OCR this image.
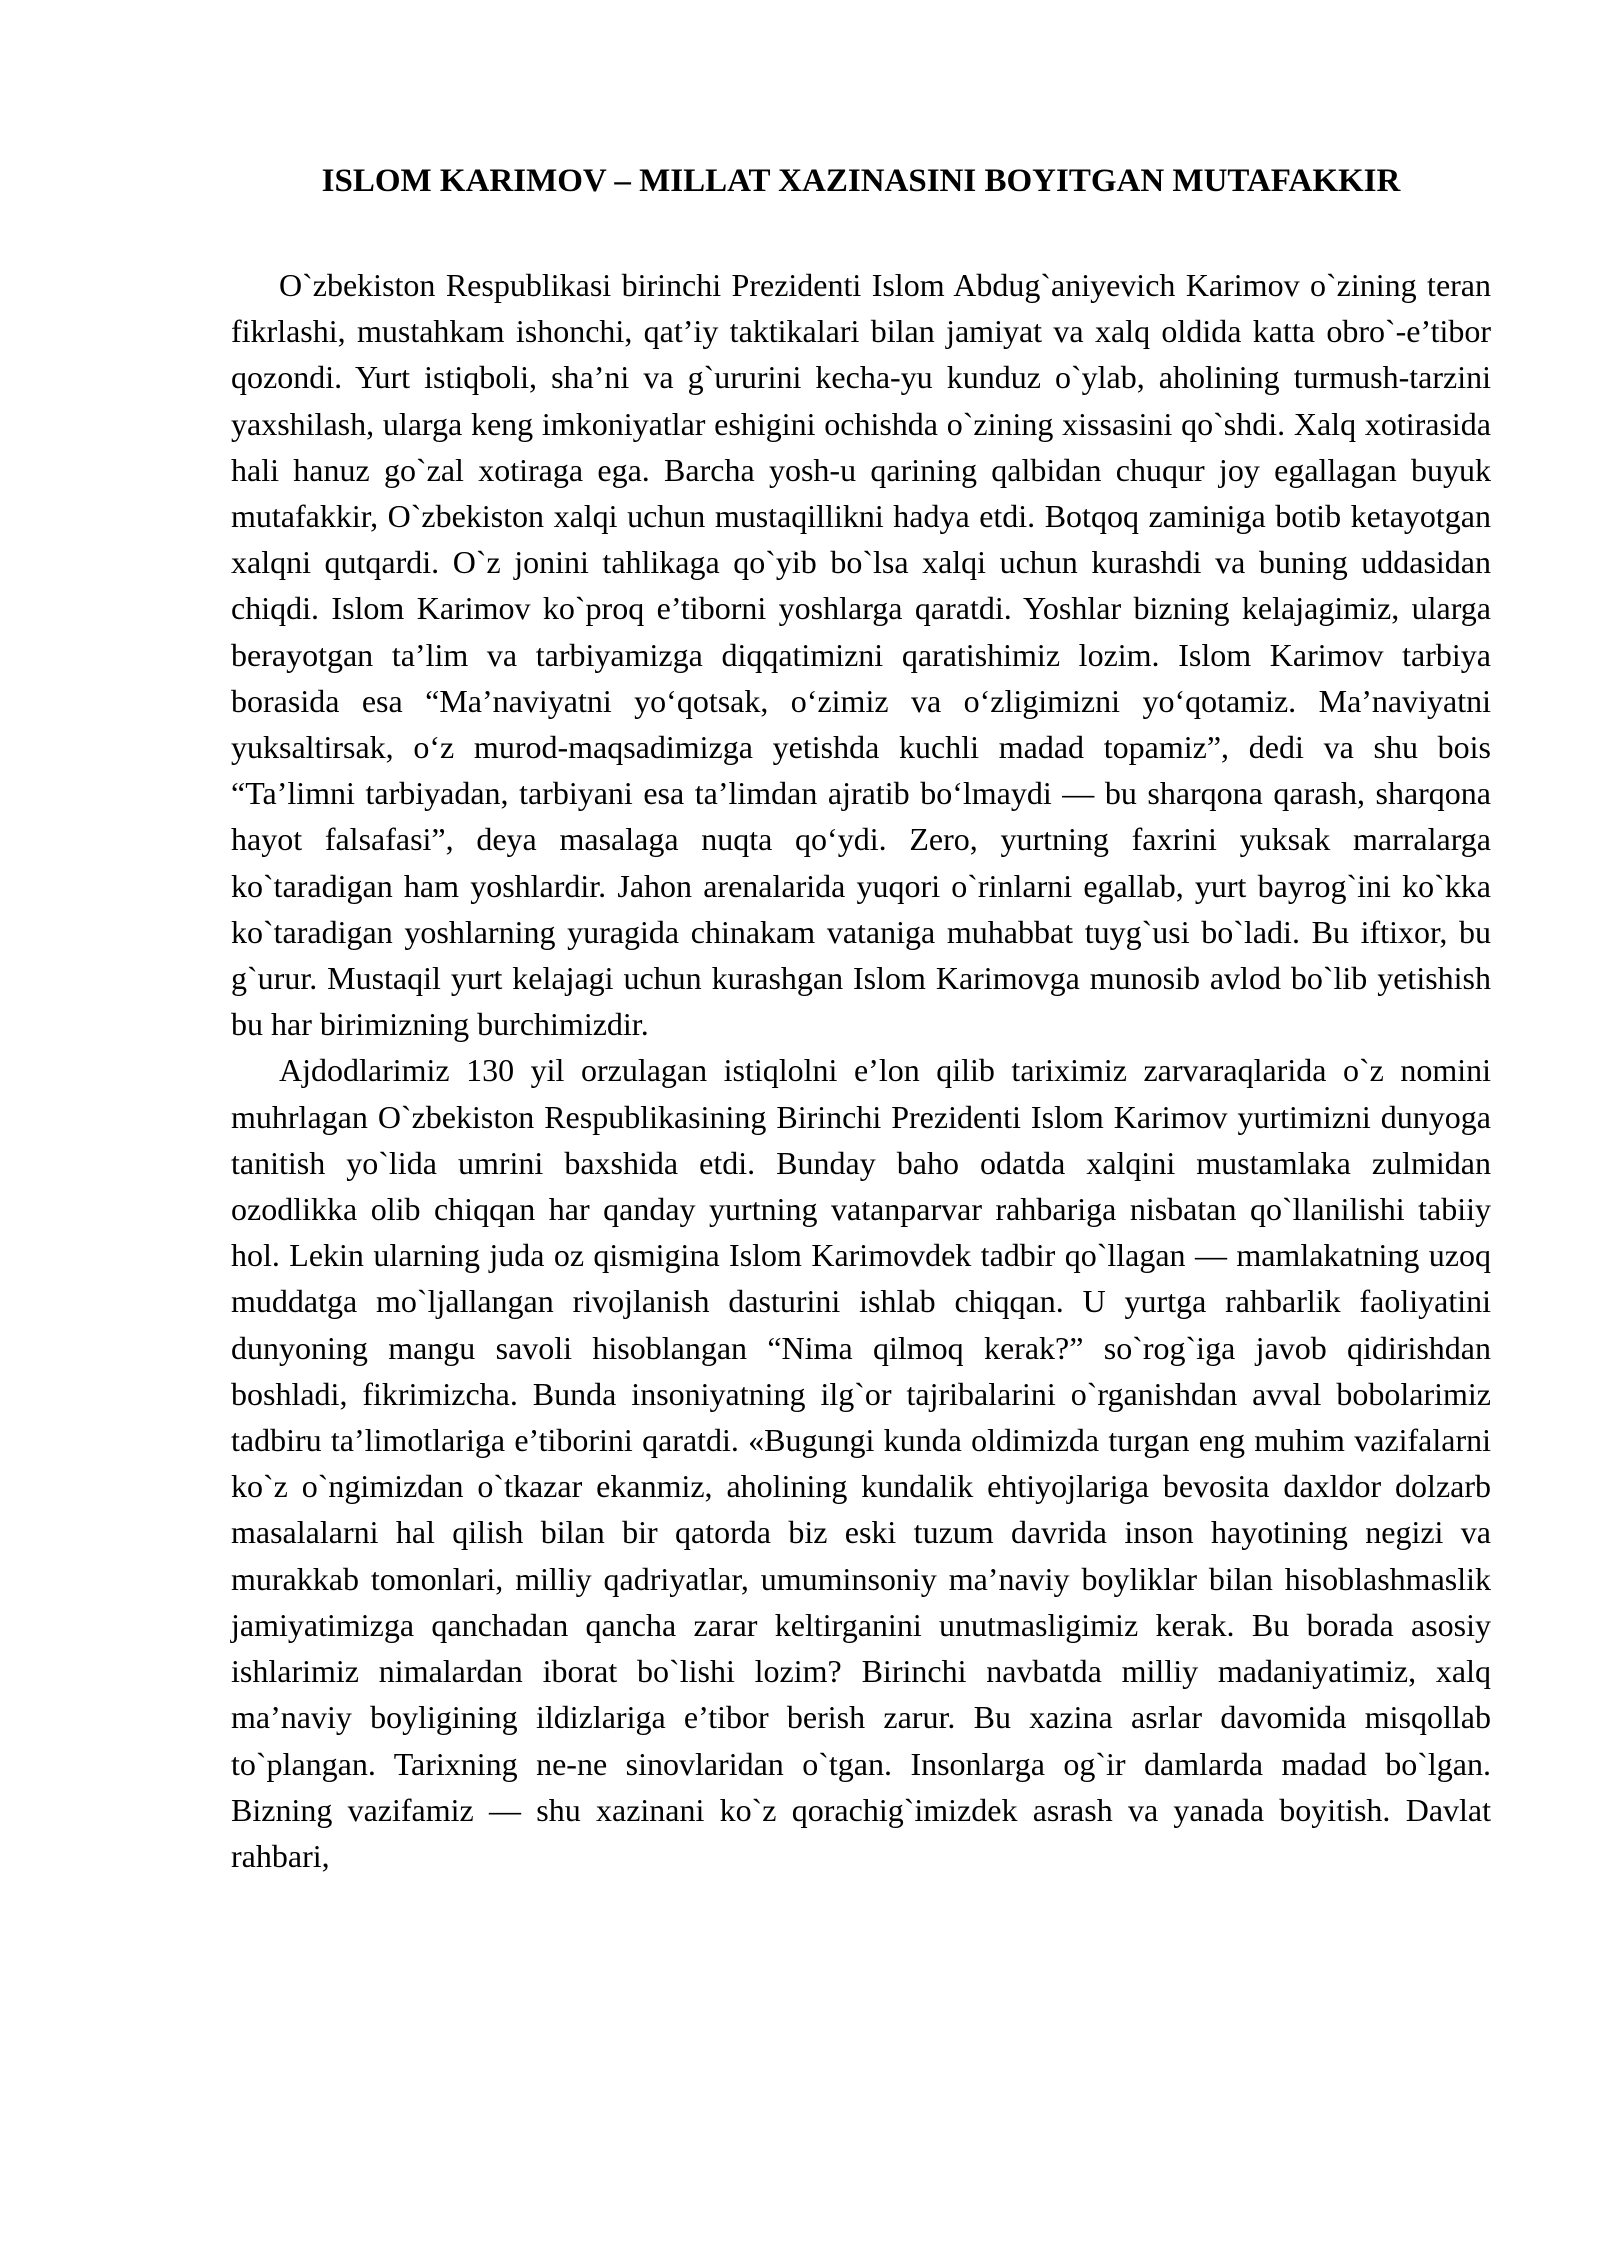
ISLOM KARIMOV – MILLAT XAZINASINI BOYITGAN MUTAFAKKIR

O`zbekiston Respublikasi birinchi Prezidenti Islom Abdug`aniyevich Karimov o`zining teran fikrlashi, mustahkam ishonchi, qat’iy taktikalari bilan jamiyat va xalq oldida katta obro`-e’tibor qozondi. Yurt istiqboli, sha’ni va g`ururini kecha-yu kunduz o`ylab, aholining turmush-tarzini yaxshilash, ularga keng imkoniyatlar eshigini ochishda o`zining xissasini qo`shdi. Xalq xotirasida hali hanuz go`zal xotiraga ega. Barcha yosh-u qarining qalbidan chuqur joy egallagan buyuk mutafakkir, O`zbekiston xalqi uchun mustaqillikni hadya etdi. Botqoq zaminiga botib ketayotgan xalqni qutqardi. O`z jonini tahlikaga qo`yib bo`lsa xalqi uchun kurashdi va buning uddasidan chiqdi. Islom Karimov ko`proq e’tiborni yoshlarga qaratdi. Yoshlar bizning kelajagimiz, ularga berayotgan ta’lim va tarbiyamizga diqqatimizni qaratishimiz lozim. Islom Karimov tarbiya borasida esa “Ma’naviyatni yo‘qotsak, o‘zimiz va o‘zligimizni yo‘qotamiz. Ma’naviyatni yuksaltirsak, o‘z murod-maqsadimizga yetishda kuchli madad topamiz”, dedi va shu bois “Ta’limni tarbiyadan, tarbiyani esa ta’limdan ajratib bo‘lmaydi — bu sharqona qarash, sharqona hayot falsafasi”, deya masalaga nuqta qo‘ydi. Zero, yurtning faxrini yuksak marralarga ko`taradigan ham yoshlardir. Jahon arenalarida yuqori o`rinlarni egallab, yurt bayrog`ini ko`kka ko`taradigan yoshlarning yuragida chinakam vataniga muhabbat tuyg`usi bo`ladi. Bu iftixor, bu g`urur. Mustaqil yurt kelajagi uchun kurashgan Islom Karimovga munosib avlod bo`lib yetishish bu har birimizning burchimizdir.

Ajdodlarimiz 130 yil orzulagan istiqlolni e’lon qilib tariximiz zarvaraqlarida o`z nomini muhrlagan O`zbekiston Respublikasining Birinchi Prezidenti Islom Karimov yurtimizni dunyoga tanitish yo`lida umrini baxshida etdi. Bunday baho odatda xalqini mustamlaka zulmidan ozodlikka olib chiqqan har qanday yurtning vatanparvar rahbariga nisbatan qo`llanilishi tabiiy hol. Lekin ularning juda oz qismigina Islom Karimovdek tadbir qo`llagan — mamlakatning uzoq muddatga mo`ljallangan rivojlanish dasturini ishlab chiqqan. U yurtga rahbarlik faoliyatini dunyoning mangu savoli hisoblangan “Nima qilmoq kerak?” so`rog`iga javob qidirishdan boshladi, fikrimizcha. Bunda insoniyatning ilg`or tajribalarini o`rganishdan avval bobolarimiz tadbiru ta’limotlariga e’tiborini qaratdi. «Bugungi kunda oldimizda turgan eng muhim vazifalarni ko`z o`ngimizdan o`tkazar ekanmiz, aholining kundalik ehtiyojlariga bevosita daxldor dolzarb masalalarni hal qilish bilan bir qatorda biz eski tuzum davrida inson hayotining negizi va murakkab tomonlari, milliy qadriyatlar, umuminsoniy ma’naviy boyliklar bilan hisoblashmaslik jamiyatimizga qanchadan qancha zarar keltirganini unutmasligimiz kerak. Bu borada asosiy ishlarimiz nimalardan iborat bo`lishi lozim? Birinchi navbatda milliy madaniyatimiz, xalq ma’naviy boyligining ildizlariga e’tibor berish zarur. Bu xazina asrlar davomida misqollab to`plangan. Tarixning ne-ne sinovlaridan o`tgan. Insonlarga og`ir damlarda madad bo`lgan. Bizning vazifamiz — shu xazinani ko`z qorachig`imizdek asrash va yanada boyitish. Davlat rahbari,
